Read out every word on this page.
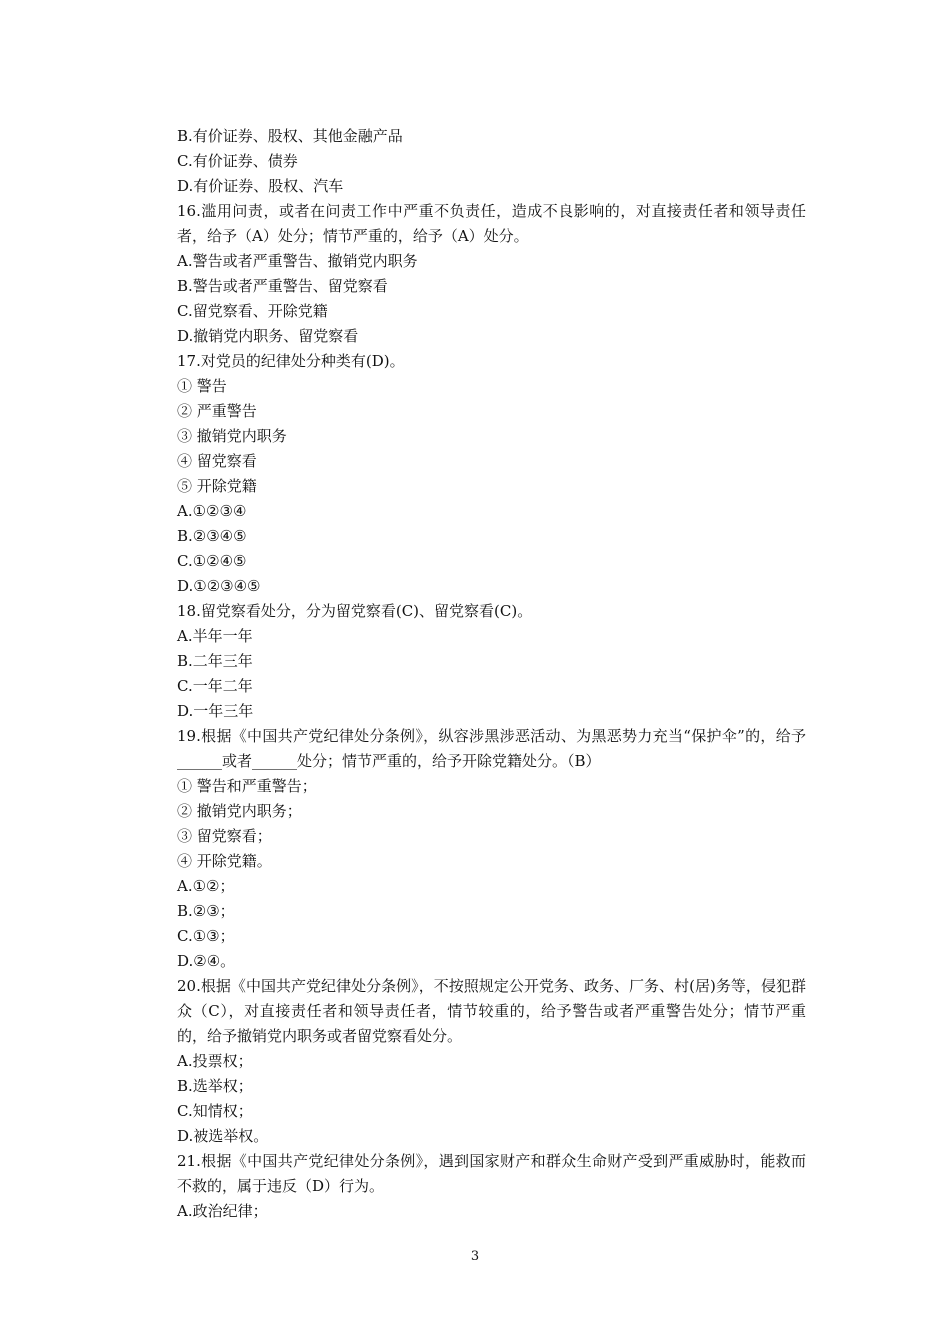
B.有价证券、股权、其他金融产品
C.有价证券、债券
D.有价证券、股权、汽车
16.滥用问责，或者在问责工作中严重不负责任，造成不良影响的，对直接责任者和领导责任者，给予（A）处分；情节严重的，给予（A）处分。
A.警告或者严重警告、撤销党内职务
B.警告或者严重警告、留党察看
C.留党察看、开除党籍
D.撤销党内职务、留党察看
17.对党员的纪律处分种类有(D)。
① 警告
② 严重警告
③ 撤销党内职务
④ 留党察看
⑤ 开除党籍
A.①②③④
B.②③④⑤
C.①②④⑤
D.①②③④⑤
18.留党察看处分，分为留党察看(C)、留党察看(C)。
A.半年一年
B.二年三年
C.一年二年
D.一年三年
19.根据《中国共产党纪律处分条例》，纵容涉黑涉恶活动、为黑恶势力充当“保护伞”的，给予______或者______处分；情节严重的，给予开除党籍处分。（B）
① 警告和严重警告；
② 撤销党内职务；
③ 留党察看；
④ 开除党籍。
A.①②；
B.②③；
C.①③；
D.②④。
20.根据《中国共产党纪律处分条例》，不按照规定公开党务、政务、厂务、村(居)务等，侵犯群众（C），对直接责任者和领导责任者，情节较重的，给予警告或者严重警告处分；情节严重的，给予撤销党内职务或者留党察看处分。
A.投票权；
B.选举权；
C.知情权；
D.被选举权。
21.根据《中国共产党纪律处分条例》，遇到国家财产和群众生命财产受到严重威胁时，能救而不救的，属于违反（D）行为。
A.政治纪律；
3
